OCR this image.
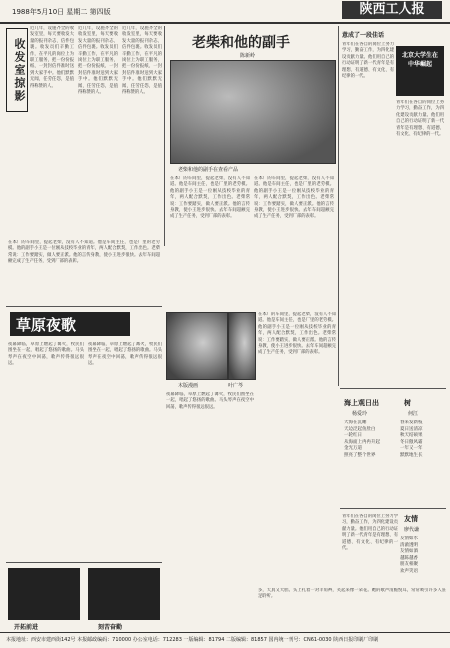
1988年5月10日 星期二 第四版	陕西工人报
收发室掠影
近几年，设施齐全的收发室里，每天要收发大量的报刊杂志、信件包裹。收发员们辛勤工作，在平凡的岗位上为职工服务，把一份份报纸、一封封信件准时送到大家手中。他们默默无闻，任劳任怨，是值得称赞的人。
近几年，设施齐全的收发室里，每天要收发大量的报刊杂志、信件包裹。收发员们辛勤工作，在平凡的岗位上为职工服务，把一份份报纸、一封封信件准时送到大家手中。他们默默无闻，任劳任怨，是值得称赞的人。
近几年，设施齐全的收发室里，每天要收发大量的报刊杂志、信件包裹。收发员们辛勤工作，在平凡的岗位上为职工服务，把一份份报纸、一封封信件准时送到大家手中。他们默默无闻，任劳任怨，是值得称赞的人。
老柴和他的副手
陈新岭
老柴和他的副手在查看产品
在本厂的车间里，提起老柴，没有人不知道。他是车间主任，也是厂里的老劳模。他的副手小王是一位刚从技校毕业的青年，两人配合默契，工作出色。老柴常说：工作要踏实，做人要正派。他的言传身教，使小王进步很快。去年车间超额完成了生产任务，受到厂部的表彰。
在本厂的车间里，提起老柴，没有人不知道。他是车间主任，也是厂里的老劳模。他的副手小王是一位刚从技校毕业的青年，两人配合默契，工作出色。老柴常说：工作要踏实，做人要正派。他的言传身教，使小王进步很快。去年车间超额完成了生产任务，受到厂部的表彰。
在本厂的车间里，提起老柴，没有人不知道。他是车间主任，也是厂里的老劳模。他的副手小王是一位刚从技校毕业的青年，两人配合默契，工作出色。老柴常说：工作要踏实，做人要正派。他的言传身教，使小王进步很快。去年车间超额完成了生产任务，受到厂部的表彰。
意成了一段佳话
北京大学生在中华崛起
青年们在各自的岗位上努力学习，勤奋工作，为四化建设贡献力量。他们用自己的行动证明了新一代青年是有理想、有道德、有文化、有纪律的一代。
青年们在各自的岗位上努力学习，勤奋工作，为四化建设贡献力量。他们用自己的行动证明了新一代青年是有理想、有道德、有文化、有纪律的一代。
草原夜歌
夜幕降临，草原上燃起了篝火，牧民们围坐在一起，唱起了悠扬的歌曲。马头琴声在夜空中回荡，歌声传得很远很远。
夜幕降临，草原上燃起了篝火，牧民们围坐在一起，唱起了悠扬的歌曲。马头琴声在夜空中回荡，歌声传得很远很远。
木版漫画	叶广芩
夜幕降临，草原上燃起了篝火，牧民们围坐在一起，唱起了悠扬的歌曲。马头琴声在夜空中回荡，歌声传得很远很远。
在本厂的车间里，提起老柴，没有人不知道。他是车间主任，也是厂里的老劳模。他的副手小王是一位刚从技校毕业的青年，两人配合默契，工作出色。老柴常说：工作要踏实，做人要正派。他的言传身教，使小王进步很快。去年车间超额完成了生产任务，受到厂部的表彰。
开拓前进	刻苦奋勤
海上观日出
杨爱玲
大海在沉睡
天边泛起鱼肚白
一轮红日
从海面上冉冉升起
金光万道
照亮了整个世界
树
何江
春来发新枝
夏日送清凉
秋天结硕果
冬日傲风霜
一年又一年
默默地生长
友情
廖代谦
友情如水
清澈透明
友情如酒
越陈越香
朋友相聚
欢声笑语
青年们在各自的岗位上努力学习，勤奋工作，为四化建设贡献力量。他们用自己的行动证明了新一代青年是有理想、有道德、有文化、有纪律的一代。
多，天真又大胆。头上扎着一对羊角辫，笑起来像一朵花。她的歌声清脆悦耳，常常吸引许多人驻足聆听。
本报地址：西安市建西街142号 本报邮政编码：710000 办公室电话：712283 一版编辑：81794 二版编辑：81857 国内统一刊号：CN61-0030 陕西日报印刷厂印刷
